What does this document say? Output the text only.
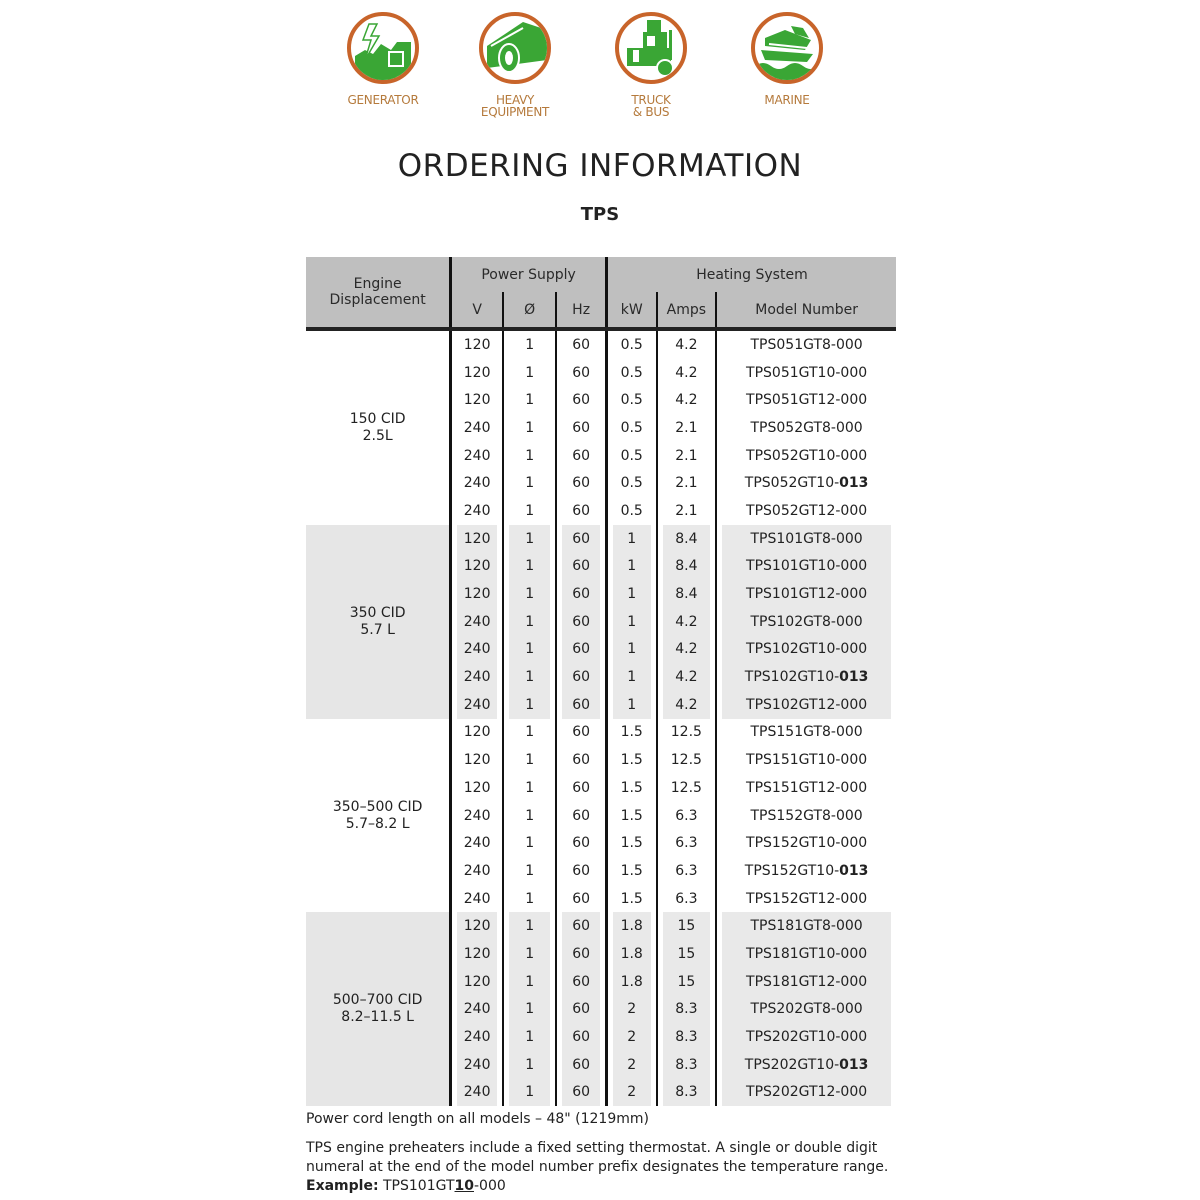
GENERATOR	HEAVY
EQUIPMENT
TRUCK
& BUS
MARINE
ORDERING INFORMATION
TPS
Engine Displacement	Power Supply			Heating System		
	V	Ø	Hz	kW	Amps	Model Number
150 CID
2.5L	120	1	60	0.5	4.2	TPS051GT8-000
	120	1	60	0.5	4.2	TPS051GT10-000
	120	1	60	0.5	4.2	TPS051GT12-000
	240	1	60	0.5	2.1	TPS052GT8-000
	240	1	60	0.5	2.1	TPS052GT10-000
	240	1	60	0.5	2.1	TPS052GT10-013
	240	1	60	0.5	2.1	TPS052GT12-000
350 CID
5.7 L	120	1	60	1	8.4	TPS101GT8-000
	120	1	60	1	8.4	TPS101GT10-000
	120	1	60	1	8.4	TPS101GT12-000
	240	1	60	1	4.2	TPS102GT8-000
	240	1	60	1	4.2	TPS102GT10-000
	240	1	60	1	4.2	TPS102GT10-013
	240	1	60	1	4.2	TPS102GT12-000
350–500 CID
5.7–8.2 L	120	1	60	1.5	12.5	TPS151GT8-000
	120	1	60	1.5	12.5	TPS151GT10-000
	120	1	60	1.5	12.5	TPS151GT12-000
	240	1	60	1.5	6.3	TPS152GT8-000
	240	1	60	1.5	6.3	TPS152GT10-000
	240	1	60	1.5	6.3	TPS152GT10-013
	240	1	60	1.5	6.3	TPS152GT12-000
500–700 CID
8.2–11.5 L	120	1	60	1.8	15	TPS181GT8-000
	120	1	60	1.8	15	TPS181GT10-000
	120	1	60	1.8	15	TPS181GT12-000
	240	1	60	2	8.3	TPS202GT8-000
	240	1	60	2	8.3	TPS202GT10-000
	240	1	60	2	8.3	TPS202GT10-013
	240	1	60	2	8.3	TPS202GT12-000

Power cord length on all models – 48" (1219mm)

TPS engine preheaters include a fixed setting thermostat. A single or double digit numeral at the end of the model number prefix designates the temperature range.

Example: TPS101GT10-000
